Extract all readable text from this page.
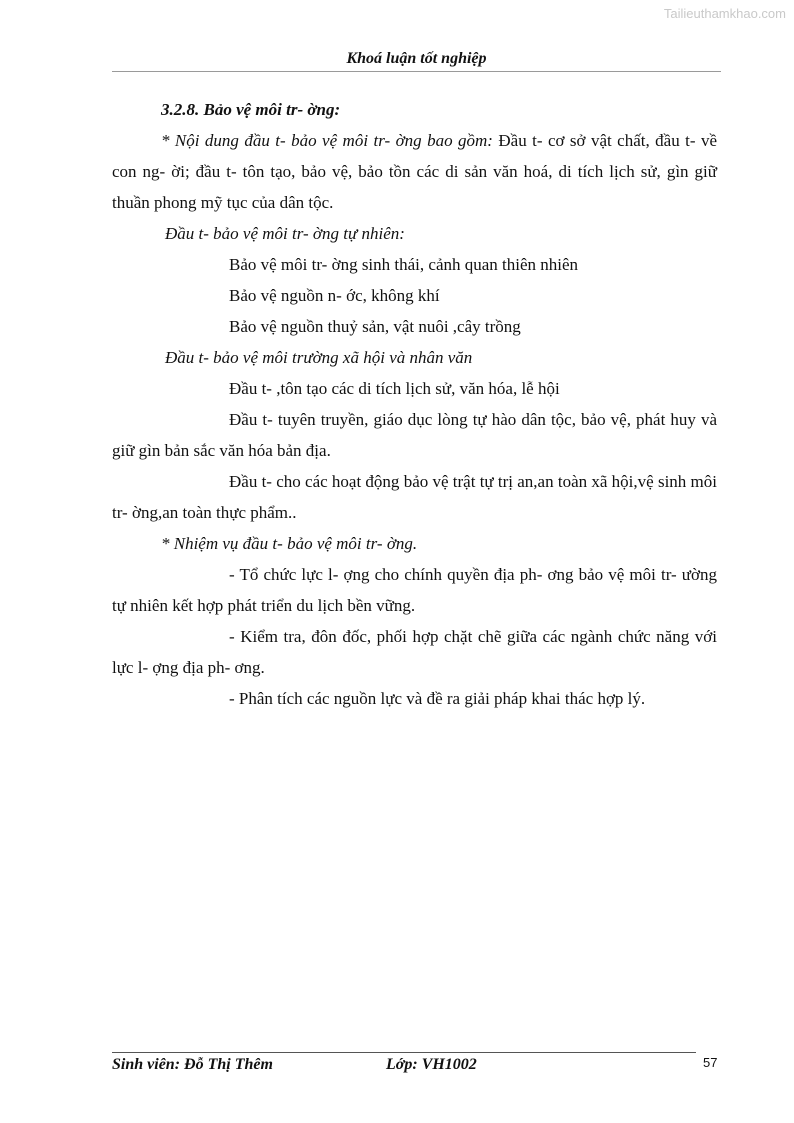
Tailieuthamkhao.com
Khoá luận tốt nghiệp

3.2.8. Bảo vệ môi tr- ờng:

* Nội dung đầu t- bảo vệ môi tr- ờng bao gồm: Đầu t- cơ sở vật chất, đầu t- về con ng- ời; đầu t- tôn tạo, bảo vệ, bảo tồn các di sản văn hoá, di tích lịch sử, gìn giữ thuần phong mỹ tục của dân tộc.

Đầu t- bảo vệ môi tr- ờng tự nhiên:

Bảo vệ môi tr- ờng sinh thái, cảnh quan thiên nhiên

Bảo vệ nguồn n- ớc, không khí

Bảo vệ nguồn thuỷ sản, vật nuôi ,cây trồng

Đầu t- bảo vệ môi trường xã hội và nhân văn

Đầu t- ,tôn tạo các di tích lịch sử, văn hóa, lễ hội

Đầu t- tuyên truyền, giáo dục lòng tự hào dân tộc, bảo vệ, phát huy và giữ gìn bản sắc văn hóa bản địa.

Đầu t- cho các hoạt động bảo vệ trật tự trị an,an toàn xã hội,vệ sinh môi tr- ờng,an toàn thực phẩm..

* Nhiệm vụ đầu t- bảo vệ môi tr- ờng.

- Tổ chức lực l- ợng cho chính quyền địa ph- ơng bảo vệ môi tr- ường tự nhiên kết hợp phát triển du lịch bền vững.

- Kiểm tra, đôn đốc, phối hợp chặt chẽ giữa các ngành chức năng với lực l- ợng địa ph- ơng.

- Phân tích các nguồn lực và đề ra giải pháp khai thác hợp lý.

Sinh viên: Đỗ Thị Thêm	Lớp: VH1002	57
